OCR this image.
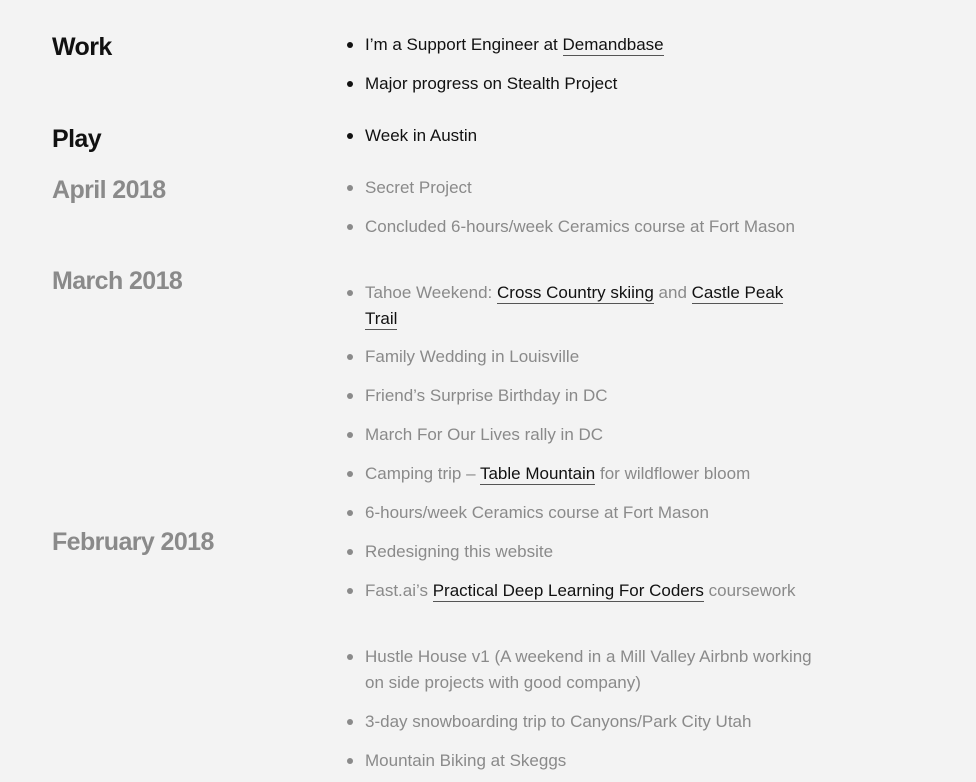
Work
Play
April 2018
March 2018
February 2018
I’m a Support Engineer at Demandbase
Major progress on Stealth Project
Week in Austin
Secret Project
Concluded 6-hours/week Ceramics course at Fort Mason
Tahoe Weekend: Cross Country skiing and Castle Peak Trail
Family Wedding in Louisville
Friend’s Surprise Birthday in DC
March For Our Lives rally in DC
Camping trip – Table Mountain for wildflower bloom
6-hours/week Ceramics course at Fort Mason
Redesigning this website
Fast.ai’s Practical Deep Learning For Coders coursework
Hustle House v1 (A weekend in a Mill Valley Airbnb working on side projects with good company)
3-day snowboarding trip to Canyons/Park City Utah
Mountain Biking at Skeggs
